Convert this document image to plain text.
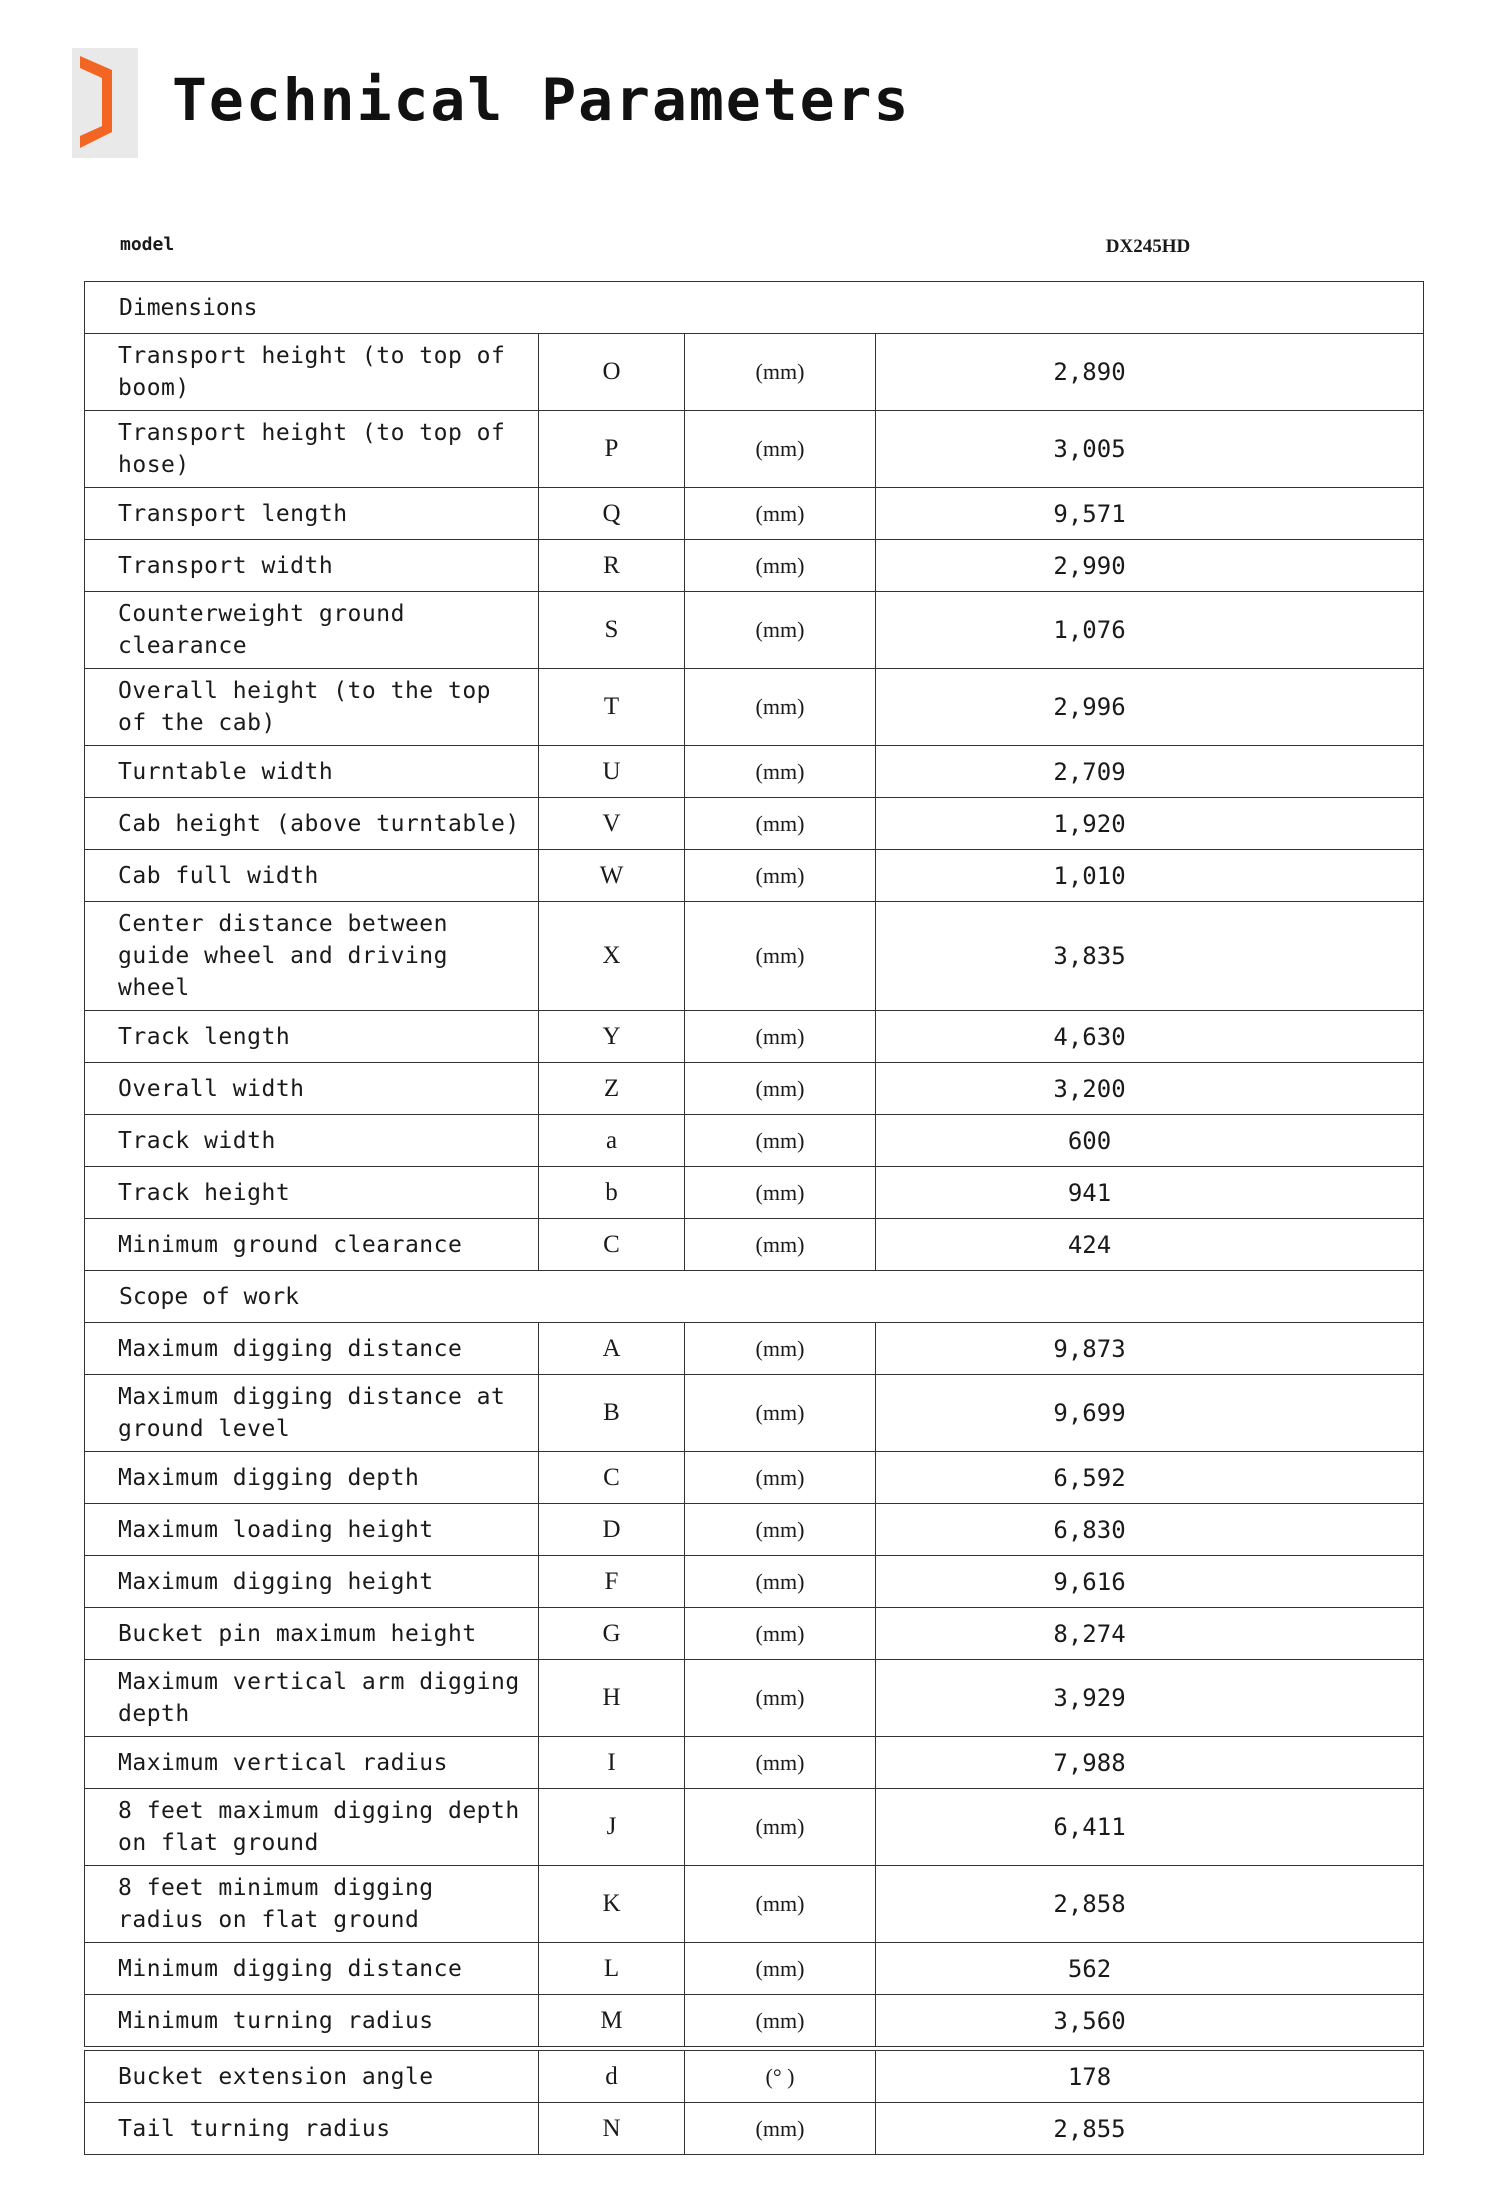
Technical Parameters
model	DX245HD
Dimensions			
Transport height (to top of boom)	O	(mm)	2,890
Transport height (to top of hose)	P	(mm)	3,005
Transport length	Q	(mm)	9,571
Transport width	R	(mm)	2,990
Counterweight ground clearance	S	(mm)	1,076
Overall height (to the top of the cab)	T	(mm)	2,996
Turntable width	U	(mm)	2,709
Cab height (above turntable)	V	(mm)	1,920
Cab full width	W	(mm)	1,010
Center distance between guide wheel and driving wheel	X	(mm)	3,835
Track length	Y	(mm)	4,630
Overall width	Z	(mm)	3,200
Track width	a	(mm)	600
Track height	b	(mm)	941
Minimum ground clearance	C	(mm)	424
Scope of work			
Maximum digging distance	A	(mm)	9,873
Maximum digging distance at ground level	B	(mm)	9,699
Maximum digging depth	C	(mm)	6,592
Maximum loading height	D	(mm)	6,830
Maximum digging height	F	(mm)	9,616
Bucket pin maximum height	G	(mm)	8,274
Maximum vertical arm digging depth	H	(mm)	3,929
Maximum vertical radius	I	(mm)	7,988
8 feet maximum digging depth on flat ground	J	(mm)	6,411
8 feet minimum digging radius on flat ground	K	(mm)	2,858
Minimum digging distance	L	(mm)	562
Minimum turning radius	M	(mm)	3,560
Bucket extension angle	d	(° )	178
Tail turning radius	N	(mm)	2,855
